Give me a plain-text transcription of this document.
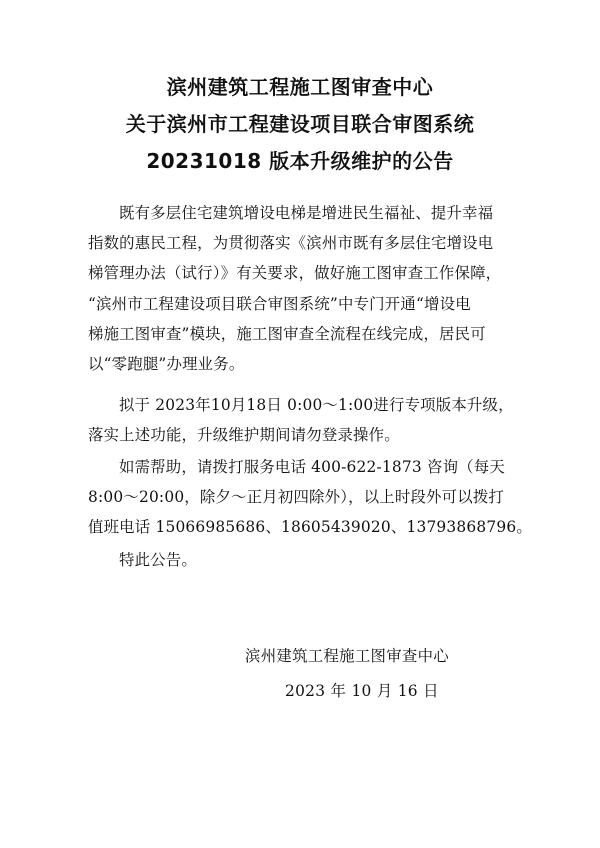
滨州建筑工程施工图审查中心
关于滨州市工程建设项目联合审图系统
20231018 版本升级维护的公告
既有多层住宅建筑增设电梯是增进民生福祉、提升幸福
指数的惠民工程，为贯彻落实《滨州市既有多层住宅增设电
梯管理办法（试行）》有关要求，做好施工图审查工作保障，
“滨州市工程建设项目联合审图系统”中专门开通“增设电
梯施工图审查”模块，施工图审查全流程在线完成，居民可
以“零跑腿”办理业务。
拟于 2023年10月18日 0:00～1:00进行专项版本升级，
落实上述功能，升级维护期间请勿登录操作。
如需帮助，请拨打服务电话 400-622-1873 咨询（每天
8:00～20:00，除夕～正月初四除外），以上时段外可以拨打
值班电话 15066985686、18605439020、13793868796。
特此公告。
滨州建筑工程施工图审查中心
2023 年 10 月 16 日
